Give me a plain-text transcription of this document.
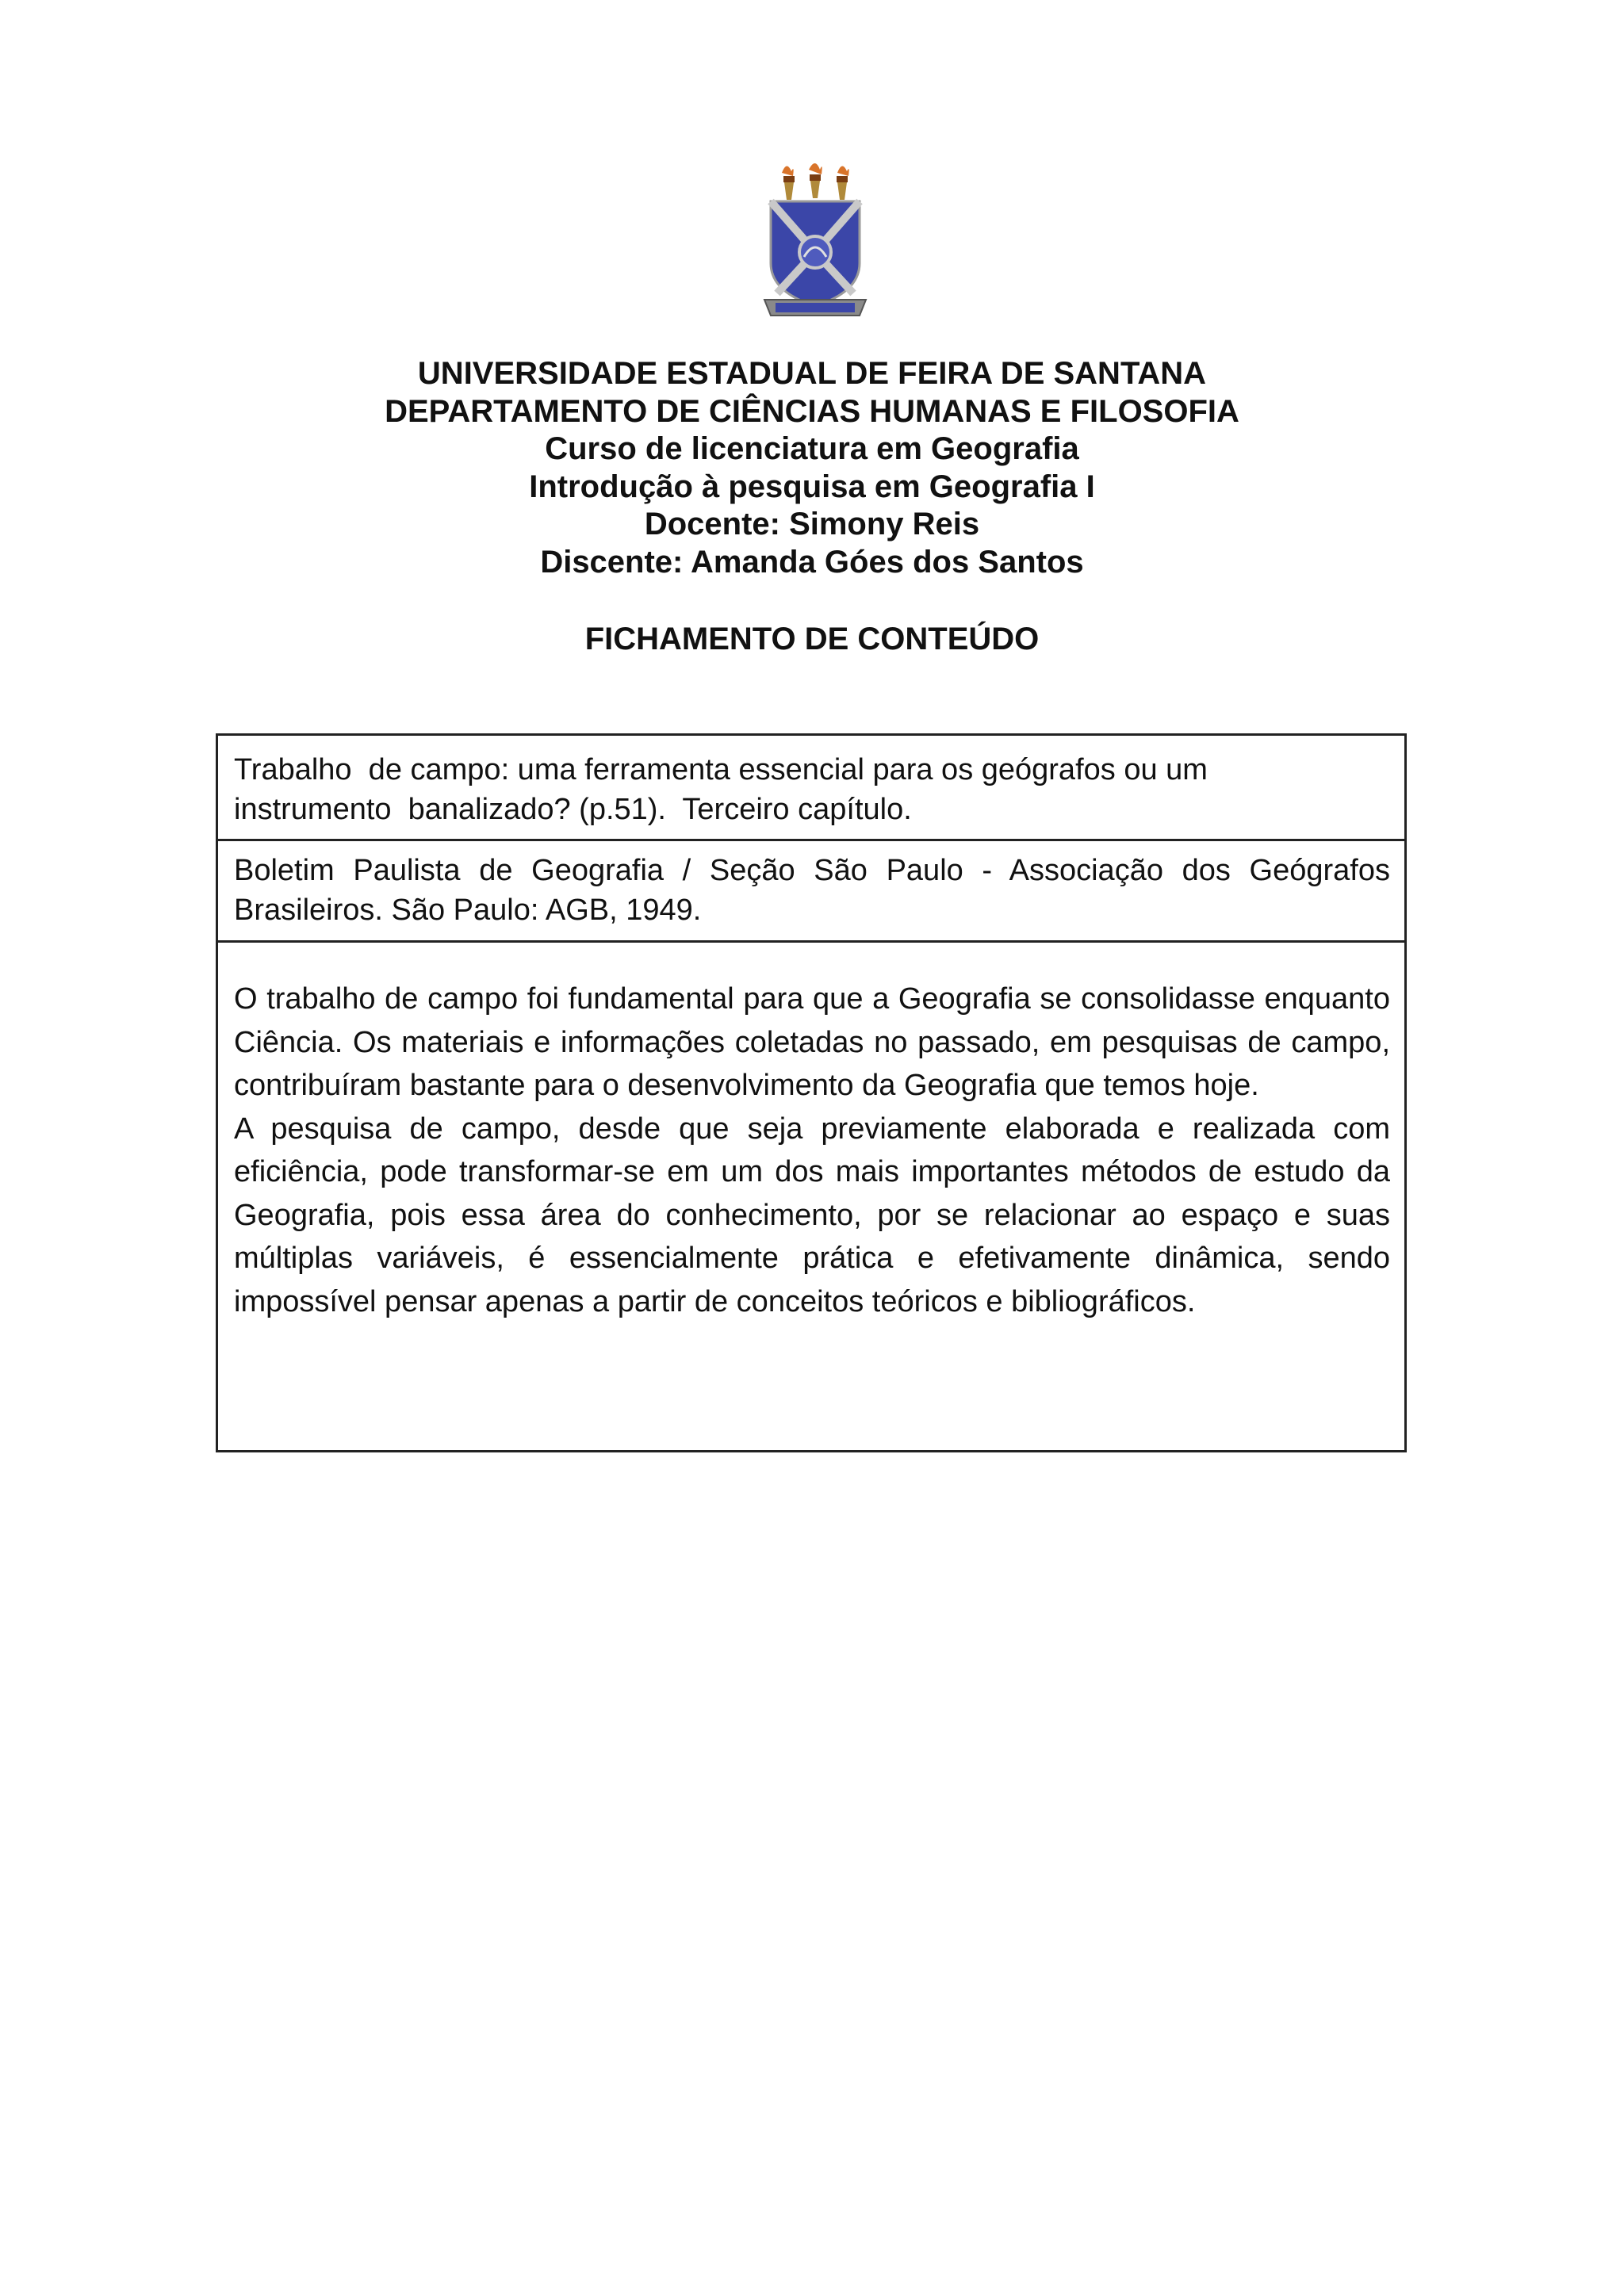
UNIVERSIDADE ESTADUAL DE FEIRA DE SANTANA
DEPARTAMENTO DE CIÊNCIAS HUMANAS E FILOSOFIA
Curso de licenciatura em Geografia
Introdução à pesquisa em Geografia I
Docente: Simony Reis
Discente: Amanda Góes dos Santos
FICHAMENTO DE CONTEÚDO
Trabalho  de campo: uma ferramenta essencial para os geógrafos ou um
instrumento  banalizado? (p.51).  Terceiro capítulo.
Boletim Paulista de Geografia / Seção São Paulo - Associação dos Geógrafos Brasileiros. São Paulo: AGB, 1949.

O trabalho de campo foi fundamental para que a Geografia se consolidasse enquanto Ciência. Os materiais e informações coletadas no passado, em pesquisas de campo, contribuíram bastante para o desenvolvimento da Geografia que temos hoje.

A pesquisa de campo, desde que seja previamente elaborada e realizada com eficiência, pode transformar-se em um dos mais importantes métodos de estudo da Geografia, pois essa área do conhecimento, por se relacionar ao espaço e suas múltiplas variáveis, é essencialmente prática e efetivamente dinâmica, sendo impossível pensar apenas a partir de conceitos teóricos e bibliográficos.
